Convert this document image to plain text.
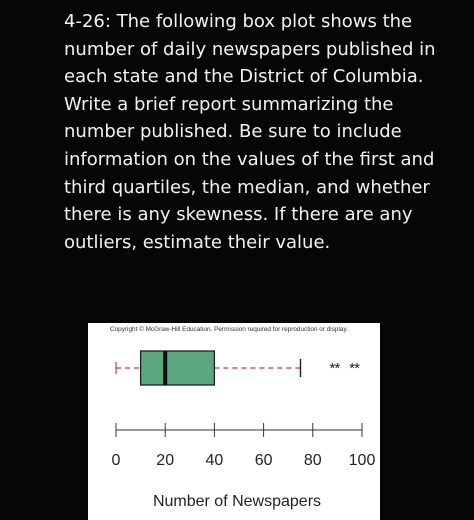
4-26: The following box plot shows the number of daily newspapers published in each state and the District of Columbia. Write a brief report summarizing the number published. Be sure to include information on the values of the first and third quartiles, the median, and whether there is any skewness. If there are any outliers, estimate their value.

Copyright © McGraw-Hill Education. Permission required for reproduction or display.
* * * *
0 20 40 60 80 100
Number of Newspapers
